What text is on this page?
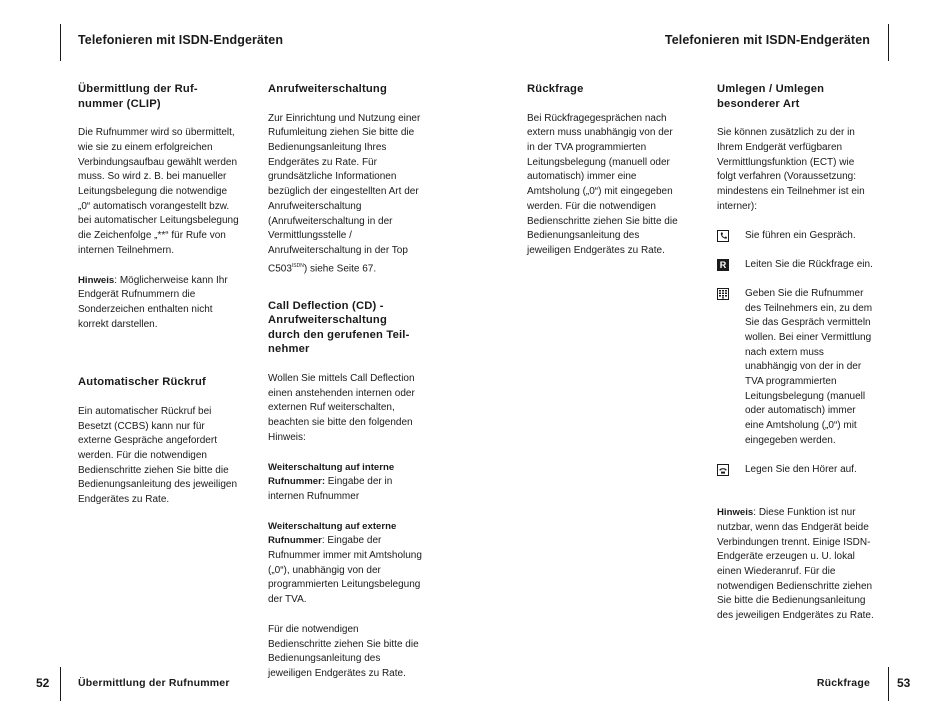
Telefonieren mit ISDN-Endgeräten	Telefonieren mit ISDN-Endgeräten
Übermittlung der Ruf-
nummer (CLIP)

Die Rufnummer wird so übermittelt, wie sie zu einem erfolgreichen Verbindungsaufbau gewählt werden muss. So wird z. B. bei manueller Leitungsbelegung die notwendige „0“ automatisch vorangestellt bzw. bei automatischer Leitungsbelegung die Zeichenfolge „**“ für Rufe von internen Teilnehmern.

Hinweis: Möglicherweise kann Ihr Endgerät Rufnummern die Sonderzeichen enthalten nicht korrekt darstellen.

Automatischer Rückruf

Ein automatischer Rückruf bei Besetzt (CCBS) kann nur für externe Gespräche angefordert werden. Für die notwendigen Bedienschritte ziehen Sie bitte die Bedienungsanleitung des jeweiligen Endgerätes zu Rate.

Anrufweiterschaltung

Zur Einrichtung und Nutzung einer Rufumleitung ziehen Sie bitte die Bedienungsanleitung Ihres Endgerätes zu Rate. Für grundsätzliche Informationen bezüglich der eingestellten Art der Anrufweiterschaltung (Anrufweiterschaltung in der Vermittlungsstelle / Anrufweiterschaltung in der Top $C503^{ISDN}$) siehe Seite 67.

Call Deflection (CD) -
Anrufweiterschaltung
durch den gerufenen Teil-
nehmer

Wollen Sie mittels Call Deflection einen anstehenden internen oder externen Ruf weiterschalten, beachten sie bitte den folgenden Hinweis:

Weiterschaltung auf interne Rufnummer: Eingabe der in internen Rufnummer

Weiterschaltung auf externe Rufnummer: Eingabe der Rufnummer immer mit Amtsholung („0“), unabhängig von der programmierten Leitungsbelegung der TVA.

Für die notwendigen Bedienschritte ziehen Sie bitte die Bedienungsanleitung des jeweiligen Endgerätes zu Rate.

Rückfrage

Bei Rückfragegesprächen nach extern muss unabhängig von der in der TVA programmierten Leitungsbelegung (manuell oder automatisch) immer eine Amtsholung („0“) mit eingegeben werden. Für die notwendigen Bedienschritte ziehen Sie bitte die Bedienungsanleitung des jeweiligen Endgerätes zu Rate.

Umlegen / Umlegen
besonderer Art

Sie können zusätzlich zu der in Ihrem Endgerät verfügbaren Vermittlungsfunktion (ECT) wie folgt verfahren (Voraussetzung: mindestens ein Teilnehmer ist ein interner):

Sie führen ein Gespräch.

R Leiten Sie die Rückfrage ein.

Geben Sie die Rufnummer des Teilnehmers ein, zu dem Sie das Gespräch vermitteln wollen. Bei einer Vermittlung nach extern muss unabhängig von der in der TVA programmierten Leitungsbelegung (manuell oder automatisch) immer eine Amtsholung („0“) mit eingegeben werden.

Legen Sie den Hörer auf.

Hinweis: Diese Funktion ist nur nutzbar, wenn das Endgerät beide Verbindungen trennt. Einige ISDN-Endgeräte erzeugen u. U. lokal einen Wiederanruf. Für die notwendigen Bedienschritte ziehen Sie bitte die Bedienungsanleitung des jeweiligen Endgerätes zu Rate.

52	Übermittlung der Rufnummer	Rückfrage 53
